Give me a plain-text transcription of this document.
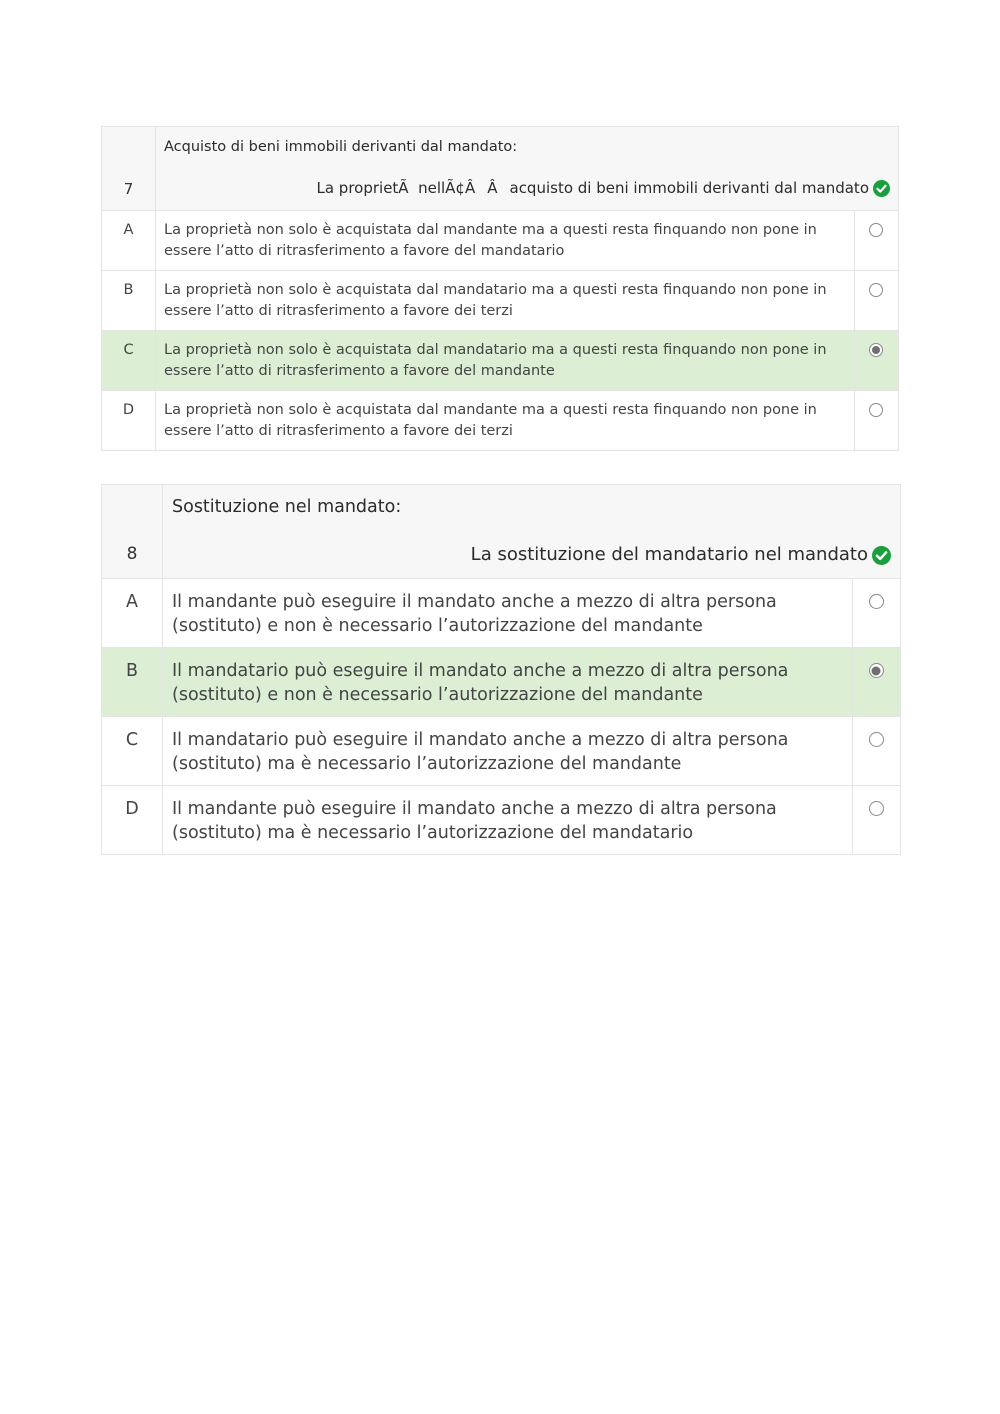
7	Acquisto di beni immobili derivanti dal mandato:
La proprietÃ  nellÃ¢ÂÂacquisto di beni immobili derivanti dal mandato	

A	La proprietà non solo è acquistata dal mandante ma a questi resta finquando non pone in essere l’atto di ritrasferimento a favore del mandatario	
B	La proprietà non solo è acquistata dal mandatario ma a questi resta finquando non pone in essere l’atto di ritrasferimento a favore dei terzi	
C	La proprietà non solo è acquistata dal mandatario ma a questi resta finquando non pone in essere l’atto di ritrasferimento a favore del mandante	
D	La proprietà non solo è acquistata dal mandante ma a questi resta finquando non pone in essere l’atto di ritrasferimento a favore dei terzi	
8	Sostituzione nel mandato:
La sostituzione del mandatario nel mandato	

A	Il mandante può eseguire il mandato anche a mezzo di altra persona (sostituto) e non è necessario l’autorizzazione del mandante	
B	Il mandatario può eseguire il mandato anche a mezzo di altra persona (sostituto) e non è necessario l’autorizzazione del mandante	
C	Il mandatario può eseguire il mandato anche a mezzo di altra persona (sostituto) ma è necessario l’autorizzazione del mandante	
D	Il mandante può eseguire il mandato anche a mezzo di altra persona (sostituto) ma è necessario l’autorizzazione del mandatario	
